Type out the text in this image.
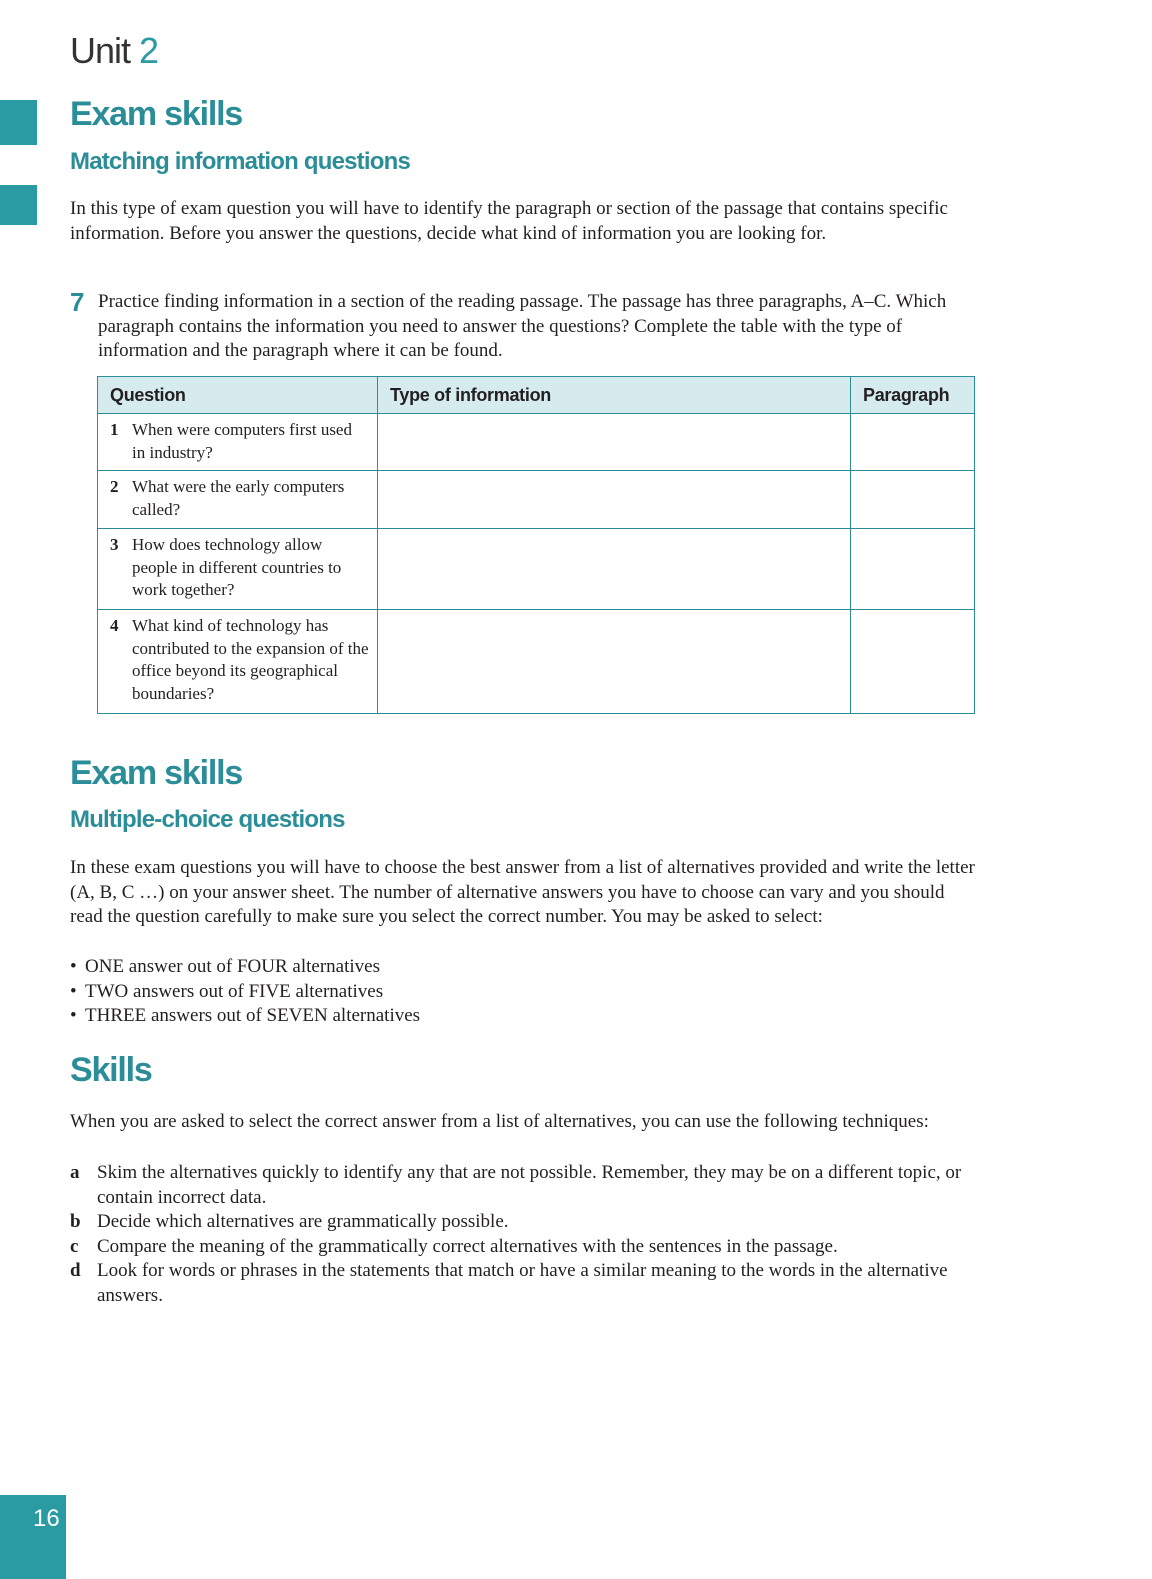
Unit 2
Exam skills
Matching information questions

In this type of exam question you will have to identify the paragraph or section of the passage that contains specific information. Before you answer the questions, decide what kind of information you are looking for.

7 Practice finding information in a section of the reading passage. The passage has three paragraphs, A–C. Which paragraph contains the information you need to answer the questions? Complete the table with the type of information and the paragraph where it can be found.

Question	Type of information	Paragraph

1 When were computers first used in industry?		

2 What were the early computers called?		

3 How does technology allow people in different countries to work together?		

4 What kind of technology has contributed to the expansion of the office beyond its geographical boundaries?		

Exam skills
Multiple-choice questions

In these exam questions you will have to choose the best answer from a list of alternatives provided and write the letter (A, B, C …) on your answer sheet. The number of alternative answers you have to choose can vary and you should read the question carefully to make sure you select the correct number. You may be asked to select:

• ONE answer out of FOUR alternatives
• TWO answers out of FIVE alternatives
• THREE answers out of SEVEN alternatives
Skills

When you are asked to select the correct answer from a list of alternatives, you can use the following techniques:

a Skim the alternatives quickly to identify any that are not possible. Remember, they may be on a different topic, or contain incorrect data.
b Decide which alternatives are grammatically possible.
c Compare the meaning of the grammatically correct alternatives with the sentences in the passage.
d Look for words or phrases in the statements that match or have a similar meaning to the words in the alternative answers.
16
